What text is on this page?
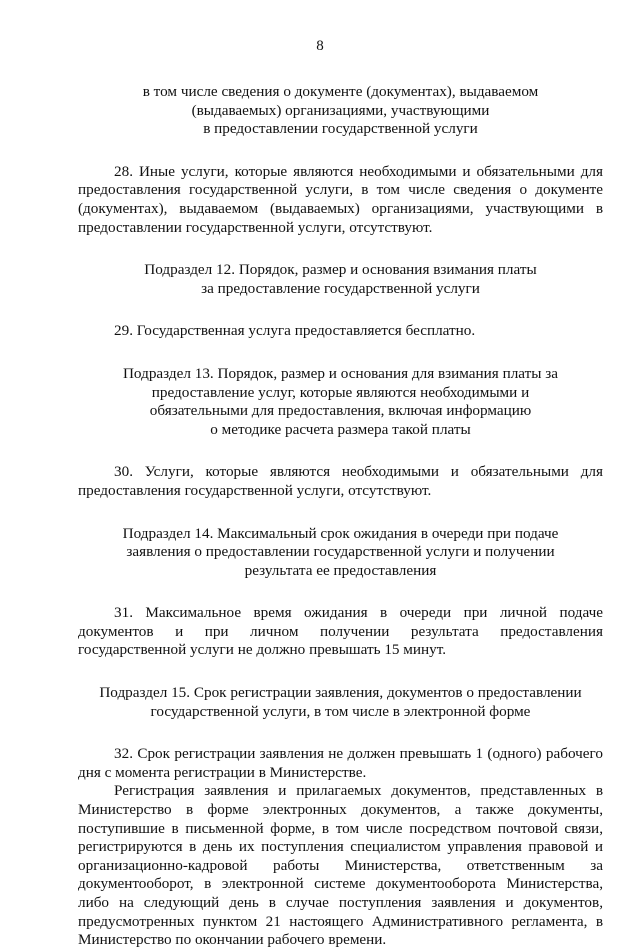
8
в том числе сведения о документе (документах), выдаваемом
(выдаваемых) организациями, участвующими
в предоставлении государственной услуги

28. Иные услуги, которые являются необходимыми и обязательными для предоставления государственной услуги, в том числе сведения о документе (документах), выдаваемом (выдаваемых) организациями, участвующими в предоставлении государственной услуги, отсутствуют.

Подраздел 12. Порядок, размер и основания взимания платы
за предоставление государственной услуги

29. Государственная услуга предоставляется бесплатно.

Подраздел 13. Порядок, размер и основания для взимания платы за
предоставление услуг, которые являются необходимыми и
обязательными для предоставления, включая информацию
о методике расчета размера такой платы

30. Услуги, которые являются необходимыми и обязательными для предоставления государственной услуги, отсутствуют.

Подраздел 14. Максимальный срок ожидания в очереди при подаче
заявления о предоставлении государственной услуги и получении
результата ее предоставления

31. Максимальное время ожидания в очереди при личной подаче документов и при личном получении результата предоставления государственной услуги не должно превышать 15 минут.

Подраздел 15. Срок регистрации заявления, документов о предоставлении
государственной услуги, в том числе в электронной форме

32. Срок регистрации заявления не должен превышать 1 (одного) рабочего дня с момента регистрации в Министерстве.

Регистрация заявления и прилагаемых документов, представленных в Министерство в форме электронных документов, а также документы, поступившие в письменной форме, в том числе посредством почтовой связи, регистрируются в день их поступления специалистом управления правовой и организационно-кадровой работы Министерства, ответственным за документооборот, в электронной системе документооборота Министерства, либо на следующий день в случае поступления заявления и документов, предусмотренных пунктом 21 настоящего Административного регламента, в Министерство по окончании рабочего времени.
